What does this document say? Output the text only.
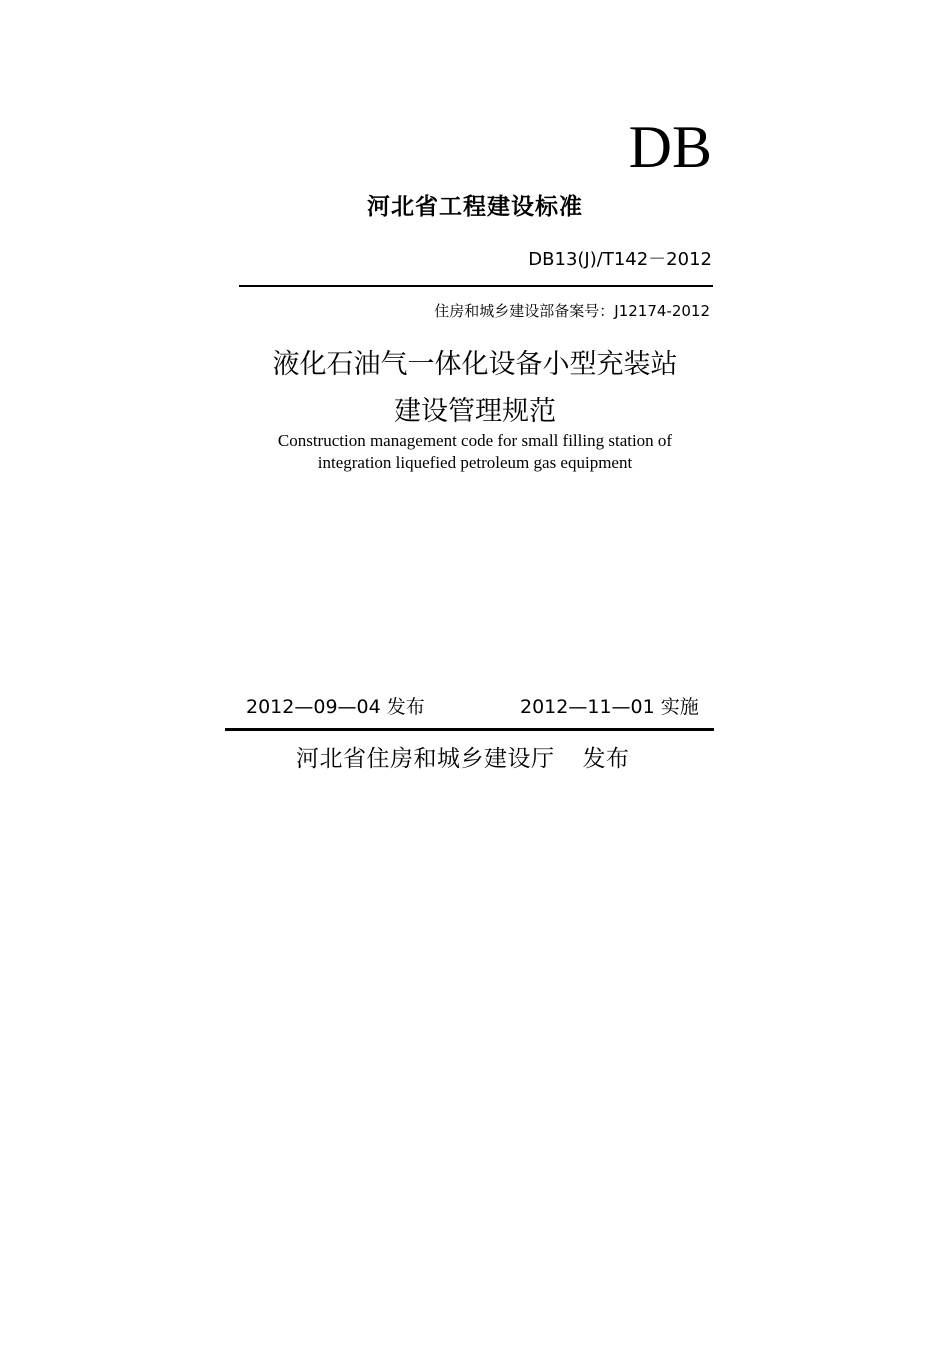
DB
河北省工程建设标准
DB13(J)/T142－2012
住房和城乡建设部备案号：J12174-2012
液化石油气一体化设备小型充装站
建设管理规范
Construction management code for small filling station of
integration liquefied petroleum gas equipment
2012—09—04 发布	2012—11—01 实施
河北省住房和城乡建设厅 发布
